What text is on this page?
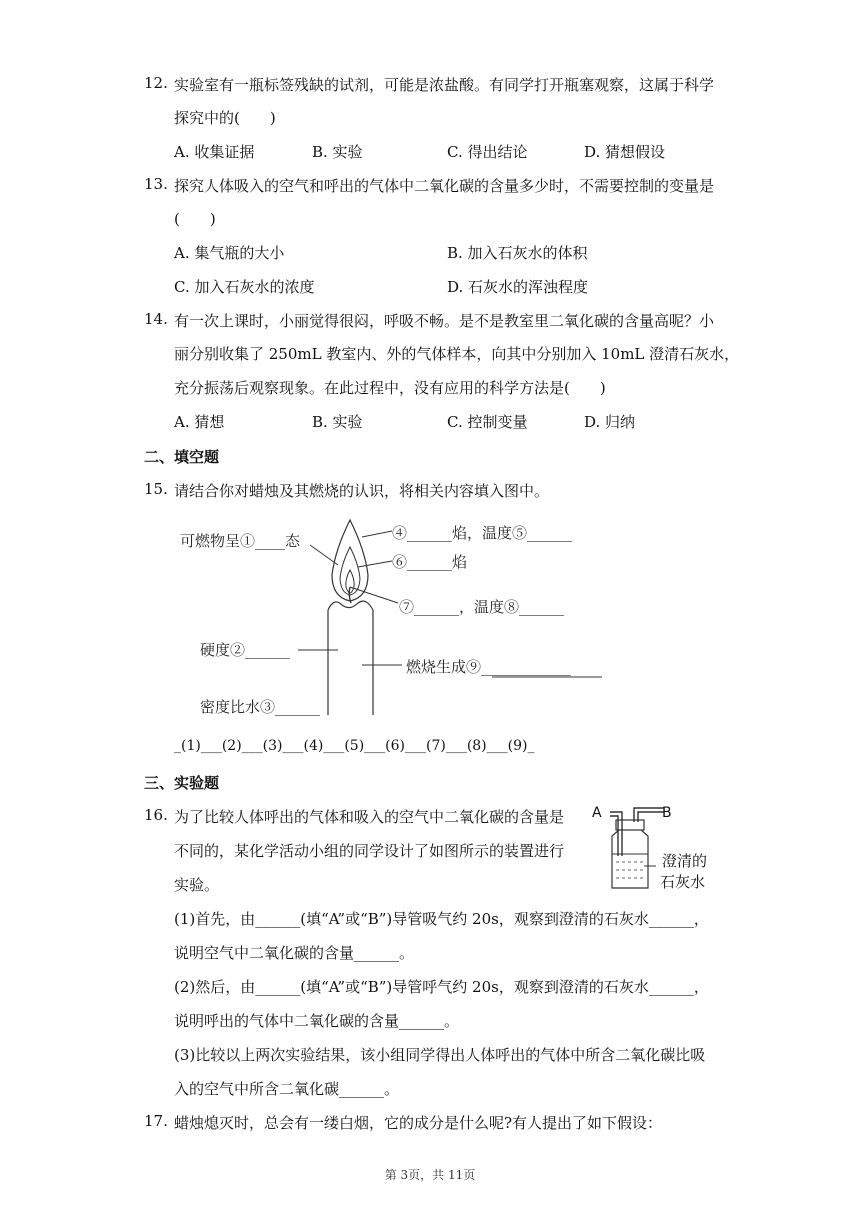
12. 实验室有一瓶标签残缺的试剂，可能是浓盐酸。有同学打开瓶塞观察，这属于科学
探究中的(　　)
A. 收集证据	B. 实验	C. 得出结论	D. 猜想假设
13. 探究人体吸入的空气和呼出的气体中二氧化碳的含量多少时，不需要控制的变量是
(　　)
A. 集气瓶的大小	B. 加入石灰水的体积
C. 加入石灰水的浓度	D. 石灰水的浑浊程度
14. 有一次上课时，小丽觉得很闷，呼吸不畅。是不是教室里二氧化碳的含量高呢？小
丽分别收集了 250mL 教室内、外的气体样本，向其中分别加入 10mL 澄清石灰水，
充分振荡后观察现象。在此过程中，没有应用的科学方法是(　　)
A. 猜想	B. 实验	C. 控制变量	D. 归纳
二、填空题
15. 请结合你对蜡烛及其燃烧的认识，将相关内容填入图中。
可燃物呈①____态	④______焰，温度⑤______
⑥______焰
⑦______，温度⑧______
硬度②______
燃烧生成⑨____________
密度比水③______
_(1)___(2)___(3)___(4)___(5)___(6)___(7)___(8)___(9)_
三、实验题
16. 为了比较人体呼出的气体和吸入的空气中二氧化碳的含量是
不同的，某化学活动小组的同学设计了如图所示的装置进行
实验。
A	B
澄清的
石灰水
(1)首先，由______(填“A”或“B”)导管吸气约 20s，观察到澄清的石灰水______，
说明空气中二氧化碳的含量______。
(2)然后，由______(填“A”或“B”)导管呼气约 20s，观察到澄清的石灰水______，
说明呼出的气体中二氧化碳的含量______。
(3)比较以上两次实验结果，该小组同学得出人体呼出的气体中所含二氧化碳比吸
入的空气中所含二氧化碳______。
17. 蜡烛熄灭时，总会有一缕白烟，它的成分是什么呢?有人提出了如下假设：
第 3页，共 11页
